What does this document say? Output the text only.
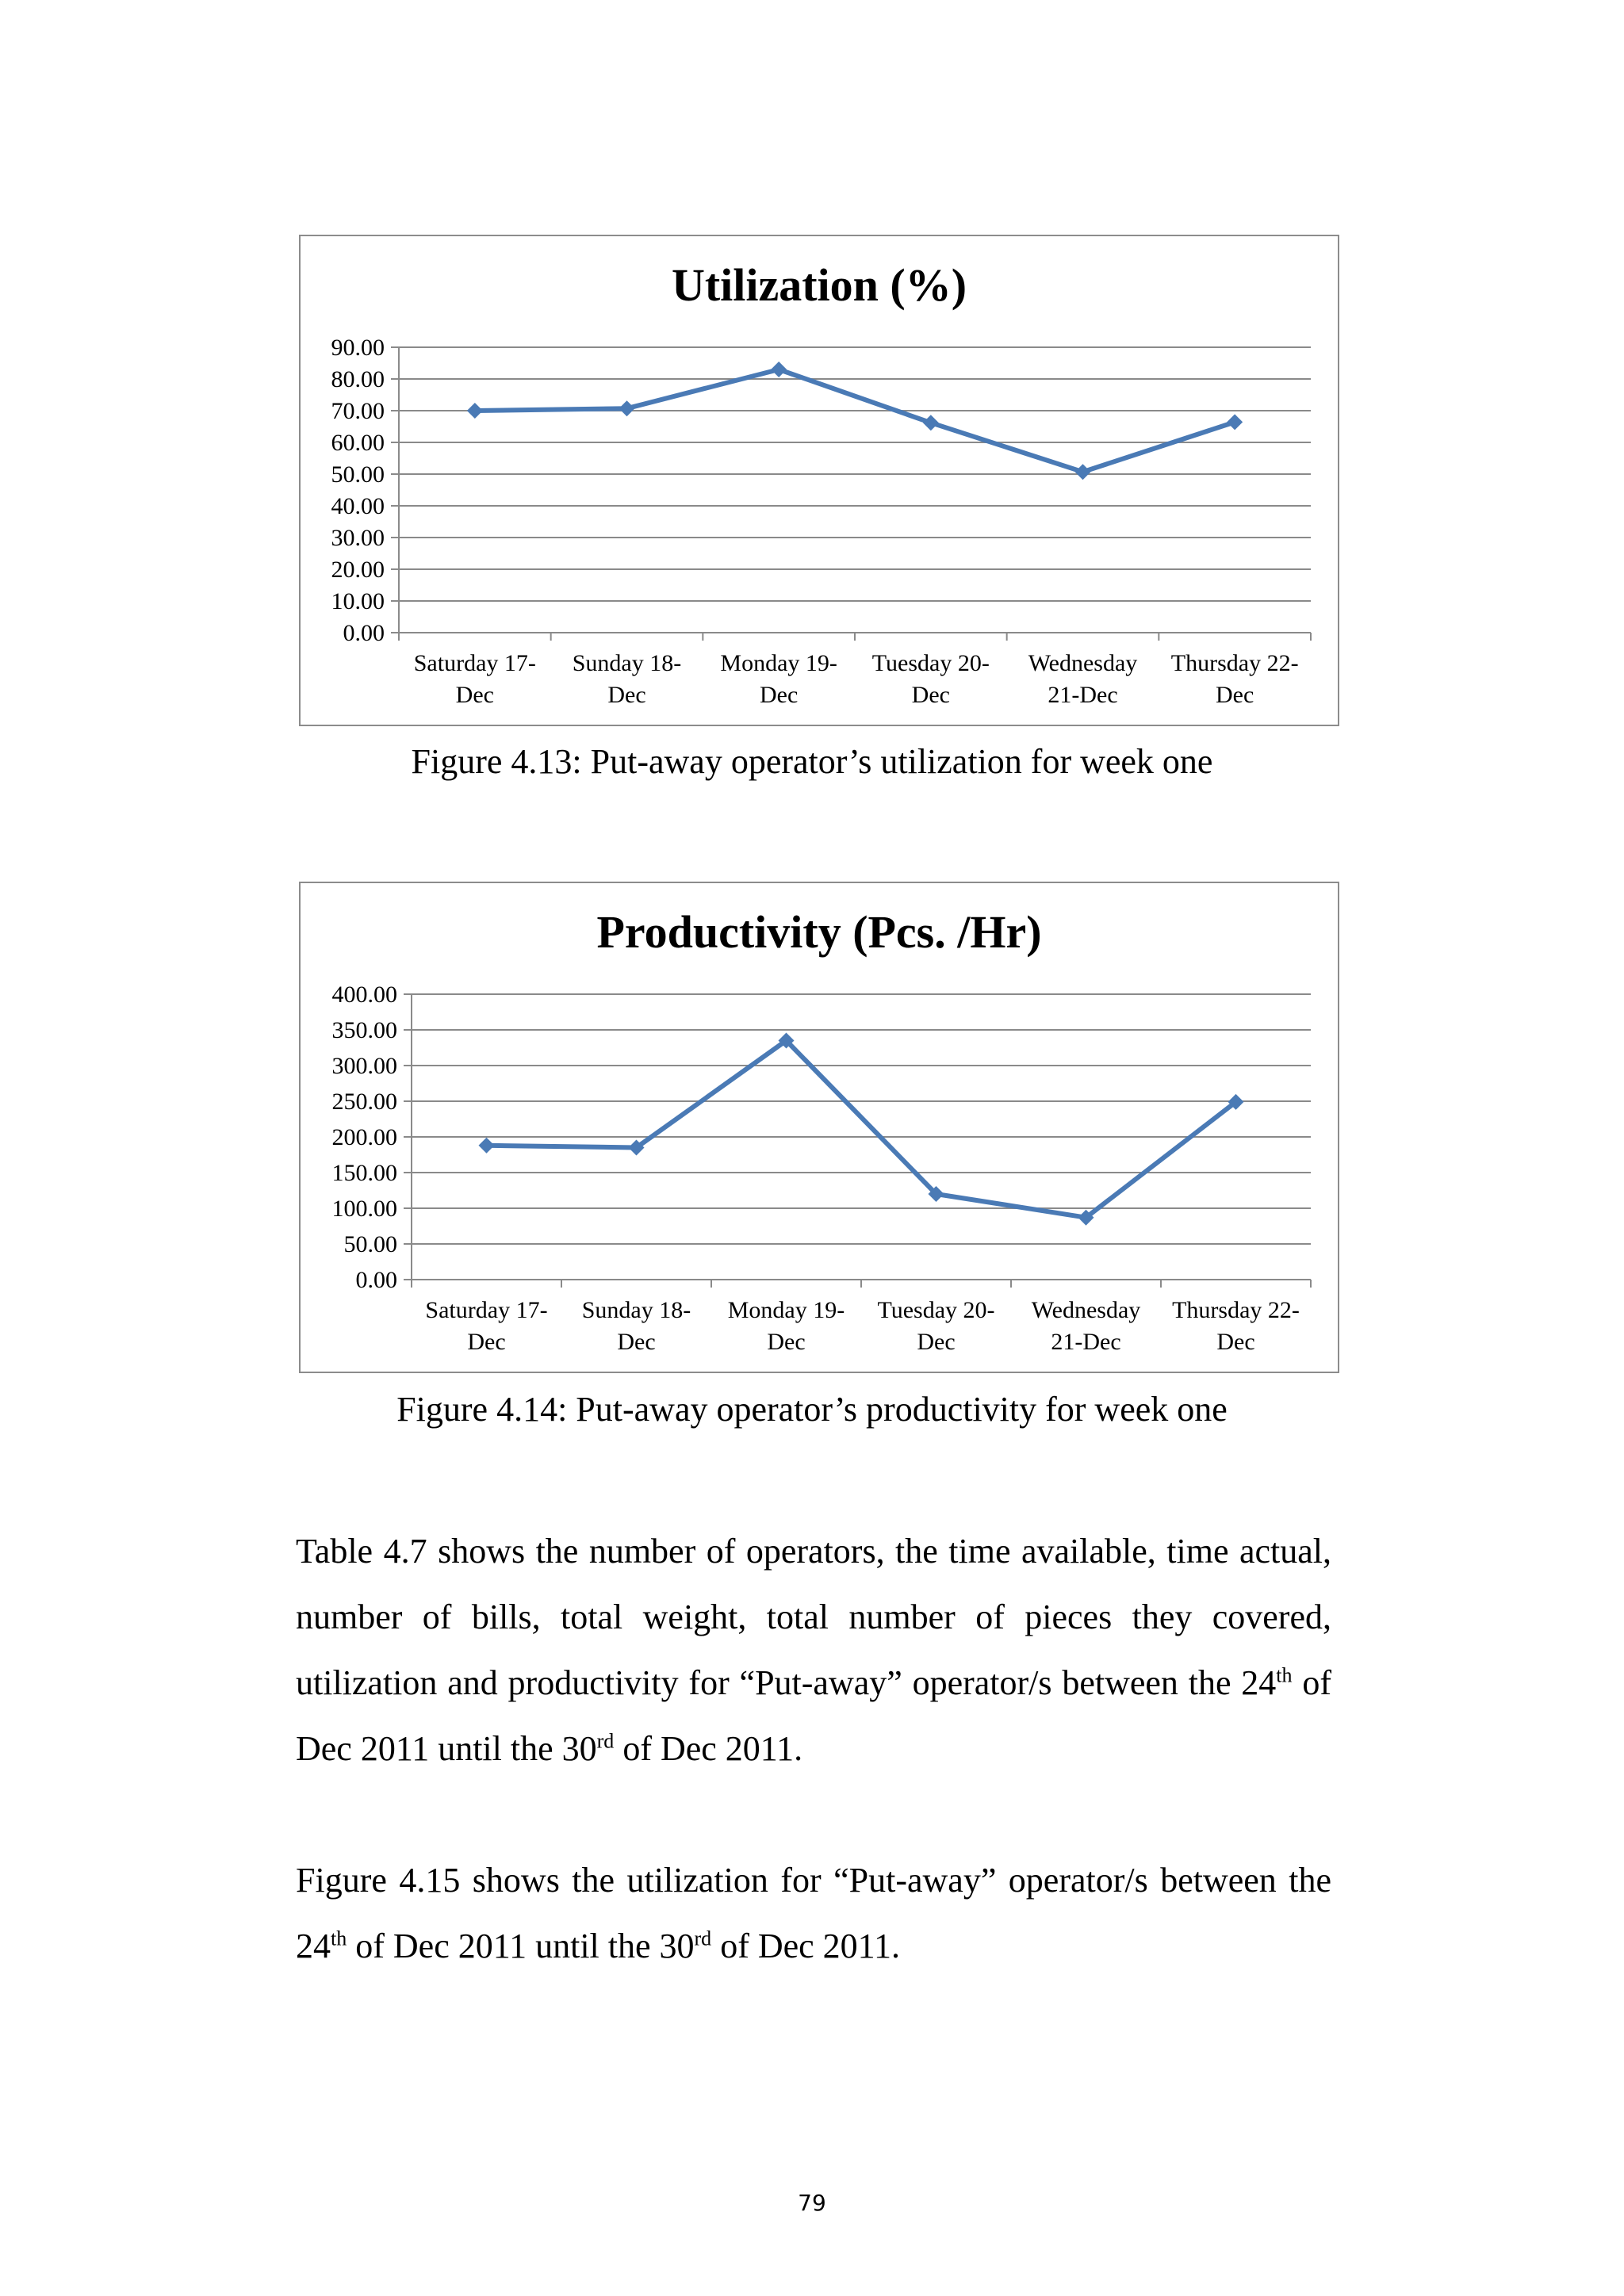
Utilization (%)
0.00
10.00
20.00
30.00
40.00
50.00
60.00
70.00
80.00
90.00
Saturday 17-Dec
Sunday 18-Dec
Monday 19-Dec
Tuesday 20-Dec
Wednesday 21-Dec
Thursday 22-Dec
Figure 4.13: Put-away operator’s utilization for week one
Productivity (Pcs. /Hr)
0.00
50.00
100.00
150.00
200.00
250.00
300.00
350.00
400.00
Saturday 17-Dec
Sunday 18-Dec
Monday 19-Dec
Tuesday 20-Dec
Wednesday 21-Dec
Thursday 22-Dec
Figure 4.14: Put-away operator’s productivity for week one

Table 4.7 shows the number of operators, the time available, time actual, number of bills, total weight, total number of pieces they covered, utilization and productivity for “Put-away” operator/s between the 24th of Dec 2011 until the 30rd of Dec 2011.

Figure 4.15 shows the utilization for “Put-away” operator/s between the 24th of Dec 2011 until the 30rd of Dec 2011.

79
